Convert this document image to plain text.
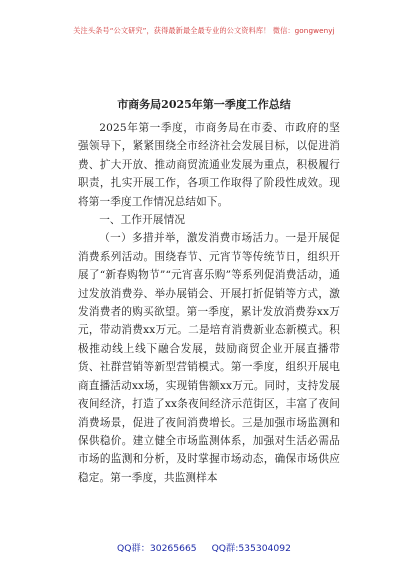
关注头条号“公文研究”，获得最新最全最专业的公文资料库！ 微信：gongwenyj
市商务局2025年第一季度工作总结

2025年第一季度，市商务局在市委、市政府的坚强领导下，紧紧围绕全市经济社会发展目标，以促进消费、扩大开放、推动商贸流通业发展为重点，积极履行职责，扎实开展工作，各项工作取得了阶段性成效。现将第一季度工作情况总结如下。

一、工作开展情况

（一）多措并举，激发消费市场活力。一是开展促消费系列活动。围绕春节、元宵节等传统节日，组织开展了“新春购物节”“元宵喜乐购”等系列促消费活动，通过发放消费券、举办展销会、开展打折促销等方式，激发消费者的购买欲望。第一季度，累计发放消费券xx万元，带动消费xx万元。二是培育消费新业态新模式。积极推动线上线下融合发展，鼓励商贸企业开展直播带货、社群营销等新型营销模式。第一季度，组织开展电商直播活动xx场，实现销售额xx万元。同时，支持发展夜间经济，打造了xx条夜间经济示范街区，丰富了夜间消费场景，促进了夜间消费增长。三是加强市场监测和保供稳价。建立健全市场监测体系，加强对生活必需品市场的监测和分析，及时掌握市场动态，确保市场供应稳定。第一季度，共监测样本

QQ群：30265665 QQ群:535304092
